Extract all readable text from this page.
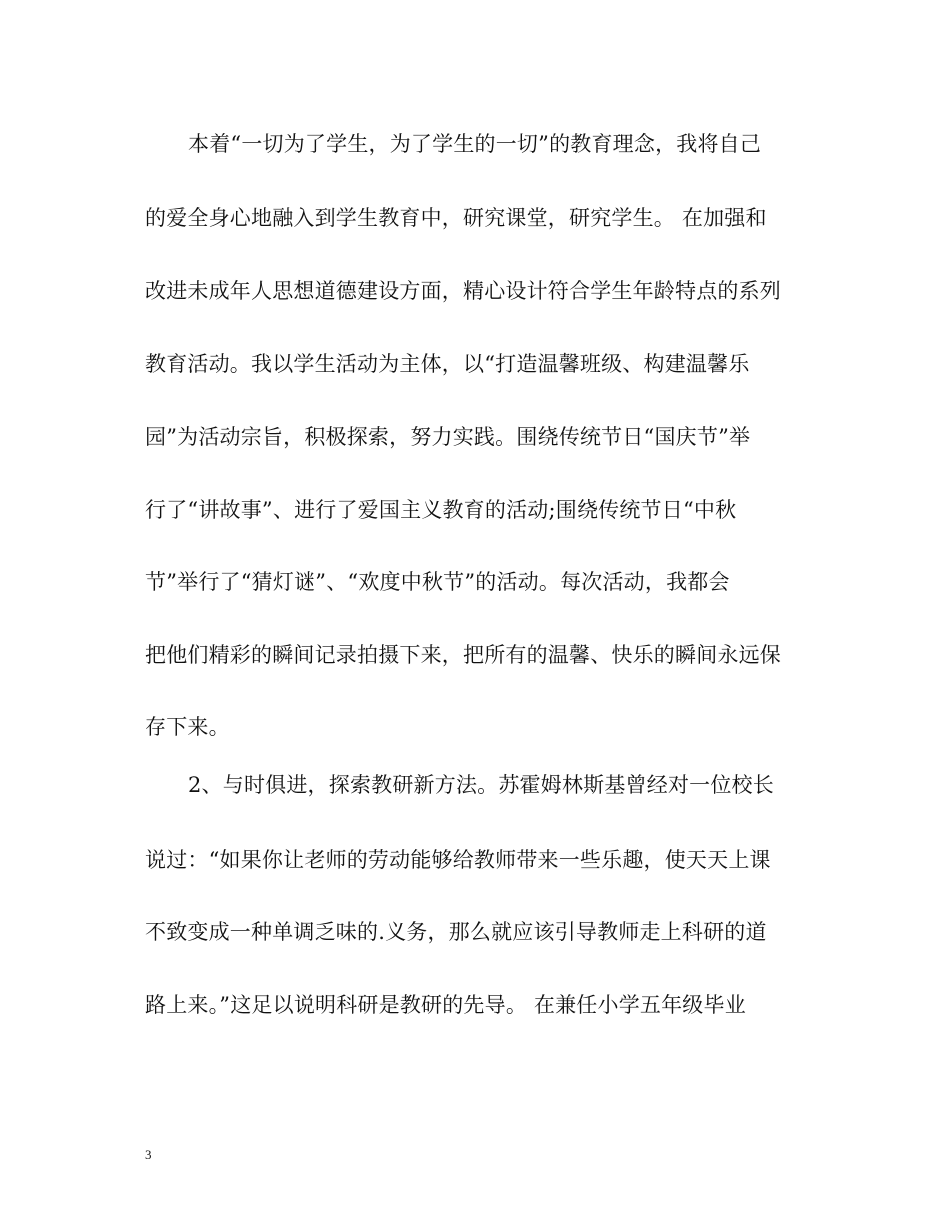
本着“一切为了学生，为了学生的一切”的教育理念，我将自己
的爱全身心地融入到学生教育中，研究课堂，研究学生。 在加强和
改进未成年人思想道德建设方面，精心设计符合学生年龄特点的系列
教育活动。我以学生活动为主体，以“打造温馨班级、构建温馨乐
园”为活动宗旨，积极探索，努力实践。围绕传统节日“国庆节”举
行了“讲故事”、进行了爱国主义教育的活动;围绕传统节日“中秋
节”举行了“猜灯谜”、“欢度中秋节”的活动。每次活动，我都会
把他们精彩的瞬间记录拍摄下来，把所有的温馨、快乐的瞬间永远保
存下来。
2、与时俱进，探索教研新方法。苏霍姆林斯基曾经对一位校长
说过：“如果你让老师的劳动能够给教师带来一些乐趣，使天天上课
不致变成一种单调乏味的.义务，那么就应该引导教师走上科研的道
路上来。”这足以说明科研是教研的先导。 在兼任小学五年级毕业
3
